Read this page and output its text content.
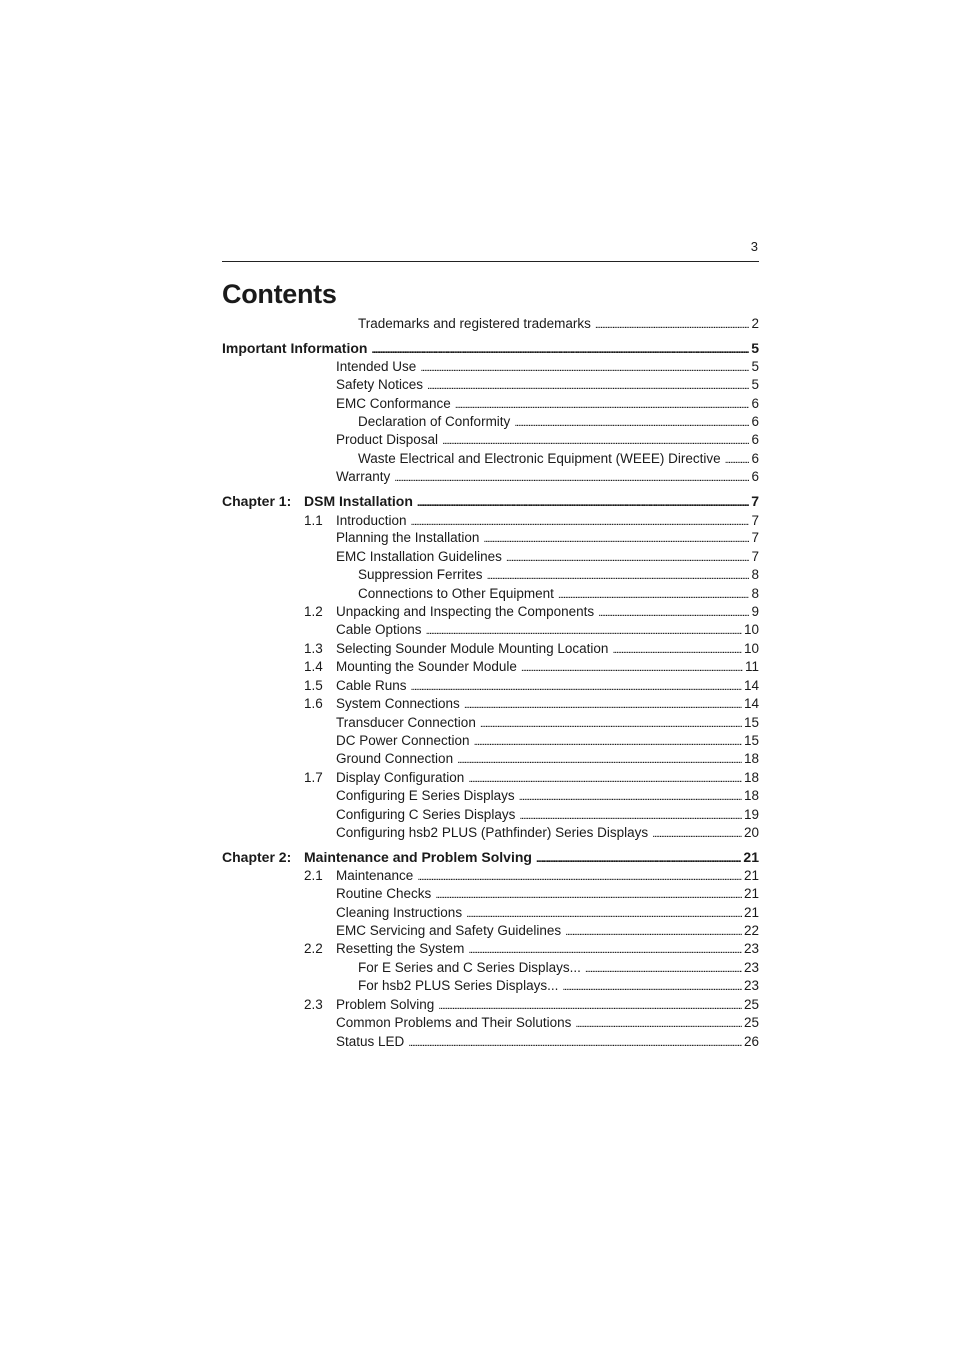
3
Contents
Trademarks and registered trademarks . . .	2
Important Information . . .	5
Intended Use . . .	5
Safety Notices . . .	5
EMC Conformance . . .	6
Declaration of Conformity . . .	6
Product Disposal . . .	6
Waste Electrical and Electronic Equipment (WEEE) Directive . . . 6
Warranty . . .	6
Chapter 1: DSM Installation . . .	7
1.1 Introduction . . .	7
Planning the Installation . . .	7
EMC Installation Guidelines . . .	7
Suppression Ferrites . . .	8
Connections to Other Equipment . . .	8
1.2 Unpacking and Inspecting the Components . . .	9
Cable Options . . .	10
1.3 Selecting Sounder Module Mounting Location . . .	10
1.4 Mounting the Sounder Module . . .	11
1.5 Cable Runs . . .	14
1.6 System Connections . . .	14
Transducer Connection . . .	15
DC Power Connection . . .	15
Ground Connection . . .	18
1.7 Display Configuration . . .	18
Configuring E Series Displays . . .	18
Configuring C Series Displays . . .	19
Configuring hsb2 PLUS (Pathfinder) Series Displays . . .	20
Chapter 2: Maintenance and Problem Solving . . .	21
2.1 Maintenance . . .	21
Routine Checks . . .	21
Cleaning Instructions . . .	21
EMC Servicing and Safety Guidelines . . .	22
2.2 Resetting the System . . .	23
For E Series and C Series Displays... . . .	23
For hsb2 PLUS Series Displays... . . .	23
2.3 Problem Solving . . .	25
Common Problems and Their Solutions . . .	25
Status LED . . .	26
